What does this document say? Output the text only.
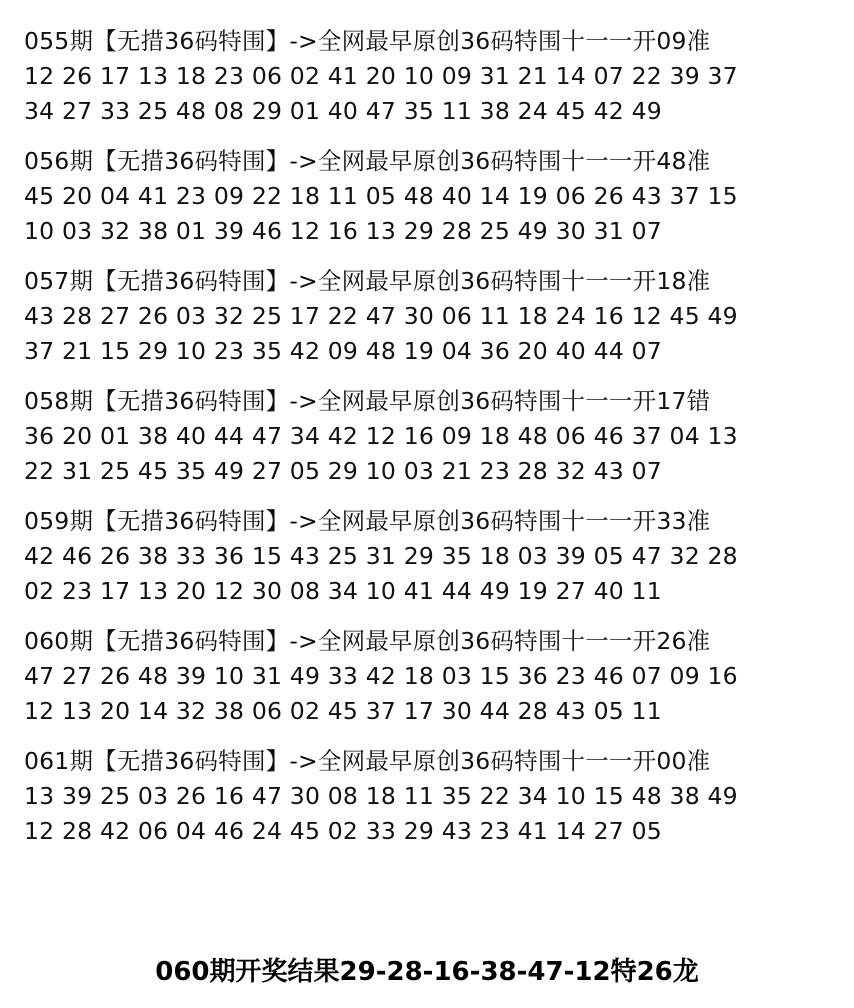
055期【无措36码特围】->全网最早原创36码特围十一一开09准
12 26 17 13 18 23 06 02 41 20 10 09 31 21 14 07 22 39 37
34 27 33 25 48 08 29 01 40 47 35 11 38 24 45 42 49
056期【无措36码特围】->全网最早原创36码特围十一一开48准
45 20 04 41 23 09 22 18 11 05 48 40 14 19 06 26 43 37 15
10 03 32 38 01 39 46 12 16 13 29 28 25 49 30 31 07
057期【无措36码特围】->全网最早原创36码特围十一一开18准
43 28 27 26 03 32 25 17 22 47 30 06 11 18 24 16 12 45 49
37 21 15 29 10 23 35 42 09 48 19 04 36 20 40 44 07
058期【无措36码特围】->全网最早原创36码特围十一一开17错
36 20 01 38 40 44 47 34 42 12 16 09 18 48 06 46 37 04 13
22 31 25 45 35 49 27 05 29 10 03 21 23 28 32 43 07
059期【无措36码特围】->全网最早原创36码特围十一一开33准
42 46 26 38 33 36 15 43 25 31 29 35 18 03 39 05 47 32 28
02 23 17 13 20 12 30 08 34 10 41 44 49 19 27 40 11
060期【无措36码特围】->全网最早原创36码特围十一一开26准
47 27 26 48 39 10 31 49 33 42 18 03 15 36 23 46 07 09 16
12 13 20 14 32 38 06 02 45 37 17 30 44 28 43 05 11
061期【无措36码特围】->全网最早原创36码特围十一一开00准
13 39 25 03 26 16 47 30 08 18 11 35 22 34 10 15 48 38 49
12 28 42 06 04 46 24 45 02 33 29 43 23 41 14 27 05
060期开奖结果29-28-16-38-47-12特26龙
